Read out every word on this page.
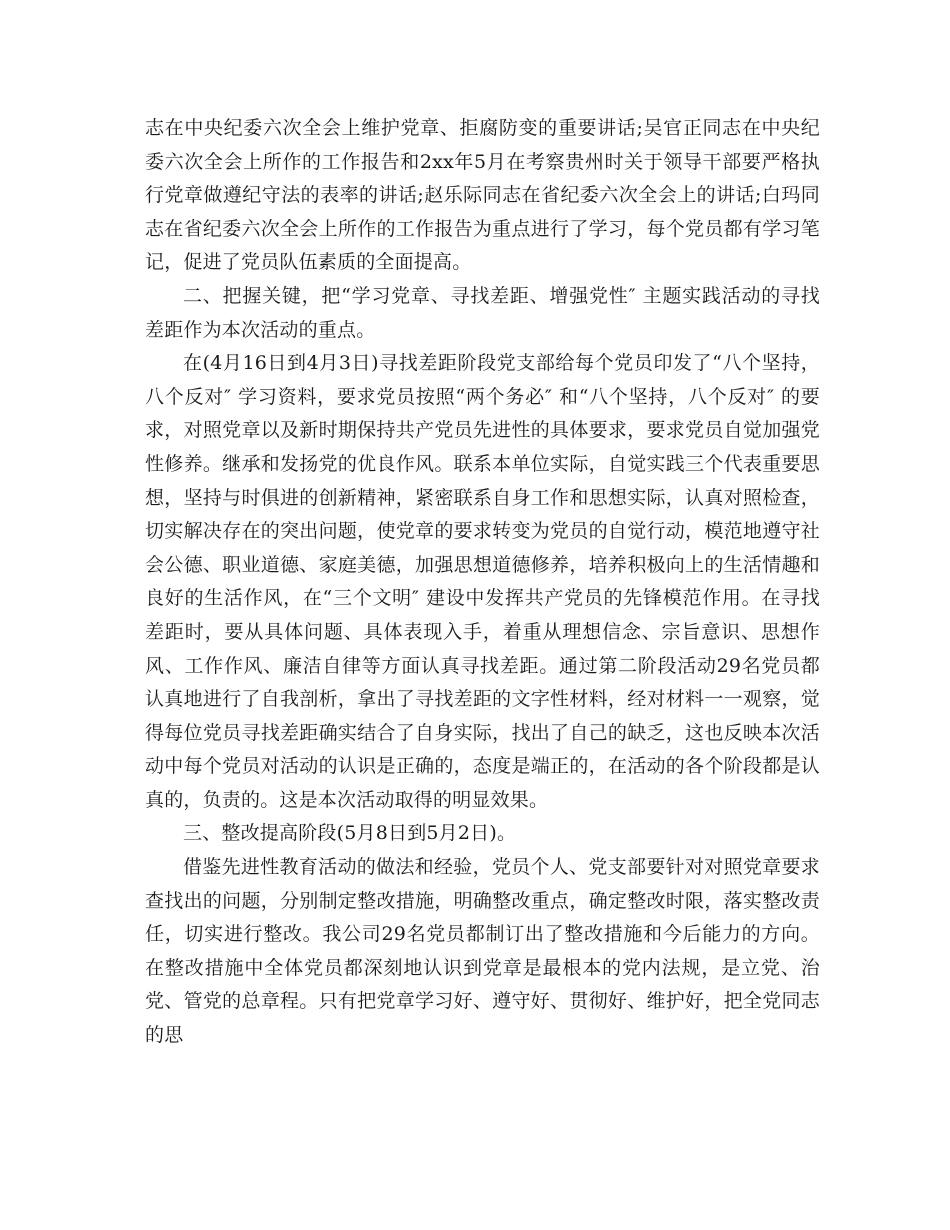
志在中央纪委六次全会上维护党章、拒腐防变的重要讲话;吴官正同志在中央纪委六次全会上所作的工作报告和2xx年5月在考察贵州时关于领导干部要严格执行党章做遵纪守法的表率的讲话;赵乐际同志在省纪委六次全会上的讲话;白玛同志在省纪委六次全会上所作的工作报告为重点进行了学习，每个党员都有学习笔记，促进了党员队伍素质的全面提高。

二、把握关键，把“学习党章、寻找差距、增强党性″ 主题实践活动的寻找差距作为本次活动的重点。

在(4月16日到4月3日)寻找差距阶段党支部给每个党员印发了“八个坚持，八个反对″ 学习资料，要求党员按照“两个务必″ 和“八个坚持，八个反对″ 的要求，对照党章以及新时期保持共产党员先进性的具体要求，要求党员自觉加强党性修养。继承和发扬党的优良作风。联系本单位实际，自觉实践三个代表重要思想，坚持与时俱进的创新精神，紧密联系自身工作和思想实际，认真对照检查，切实解决存在的突出问题，使党章的要求转变为党员的自觉行动，模范地遵守社会公德、职业道德、家庭美德，加强思想道德修养，培养积极向上的生活情趣和良好的生活作风，在“三个文明″ 建设中发挥共产党员的先锋模范作用。在寻找差距时，要从具体问题、具体表现入手，着重从理想信念、宗旨意识、思想作风、工作作风、廉洁自律等方面认真寻找差距。通过第二阶段活动29名党员都认真地进行了自我剖析，拿出了寻找差距的文字性材料，经对材料一一观察，觉得每位党员寻找差距确实结合了自身实际，找出了自己的缺乏，这也反映本次活动中每个党员对活动的认识是正确的，态度是端正的，在活动的各个阶段都是认真的，负责的。这是本次活动取得的明显效果。

三、整改提高阶段(5月8日到5月2日)。

借鉴先进性教育活动的做法和经验，党员个人、党支部要针对对照党章要求查找出的问题，分别制定整改措施，明确整改重点，确定整改时限，落实整改责任，切实进行整改。我公司29名党员都制订出了整改措施和今后能力的方向。在整改措施中全体党员都深刻地认识到党章是最根本的党内法规，是立党、治党、管党的总章程。只有把党章学习好、遵守好、贯彻好、维护好，把全党同志的思
